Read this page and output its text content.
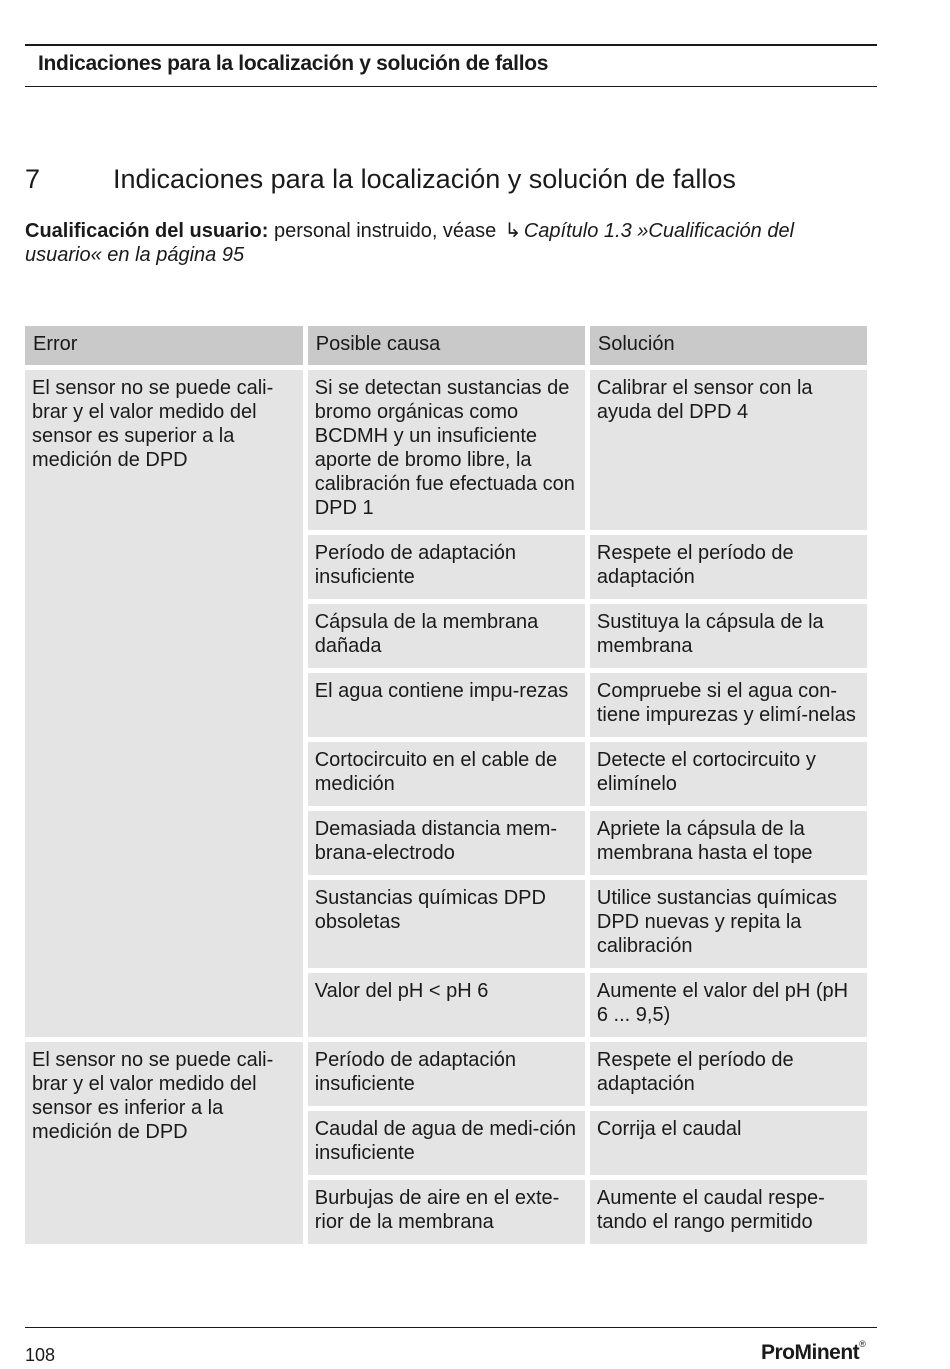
Indicaciones para la localización y solución de fallos
7	Indicaciones para la localización y solución de fallos
Cualificación del usuario: personal instruido, véase ↳ Capítulo 1.3 »Cualificación del usuario« en la página 95
Error	Posible causa	Solución
El sensor no se puede cali-brar y el valor medido del sensor es superior a la medición de DPD	Si se detectan sustancias de bromo orgánicas como BCDMH y un insuficiente aporte de bromo libre, la calibración fue efectuada con DPD 1	Calibrar el sensor con la ayuda del DPD 4
	Período de adaptación insuficiente	Respete el período de adaptación
	Cápsula de la membrana dañada	Sustituya la cápsula de la membrana
	El agua contiene impu-rezas	Compruebe si el agua con-tiene impurezas y elimí-nelas
	Cortocircuito en el cable de medición	Detecte el cortocircuito y elimínelo
	Demasiada distancia mem-brana-electrodo	Apriete la cápsula de la membrana hasta el tope
	Sustancias químicas DPD obsoletas	Utilice sustancias químicas DPD nuevas y repita la calibración
	Valor del pH < pH 6	Aumente el valor del pH (pH 6 ... 9,5)
El sensor no se puede cali-brar y el valor medido del sensor es inferior a la medición de DPD	Período de adaptación insuficiente	Respete el período de adaptación
	Caudal de agua de medi-ción insuficiente	Corrija el caudal
	Burbujas de aire en el exte-rior de la membrana	Aumente el caudal respe-tando el rango permitido
108	ProMinent®
